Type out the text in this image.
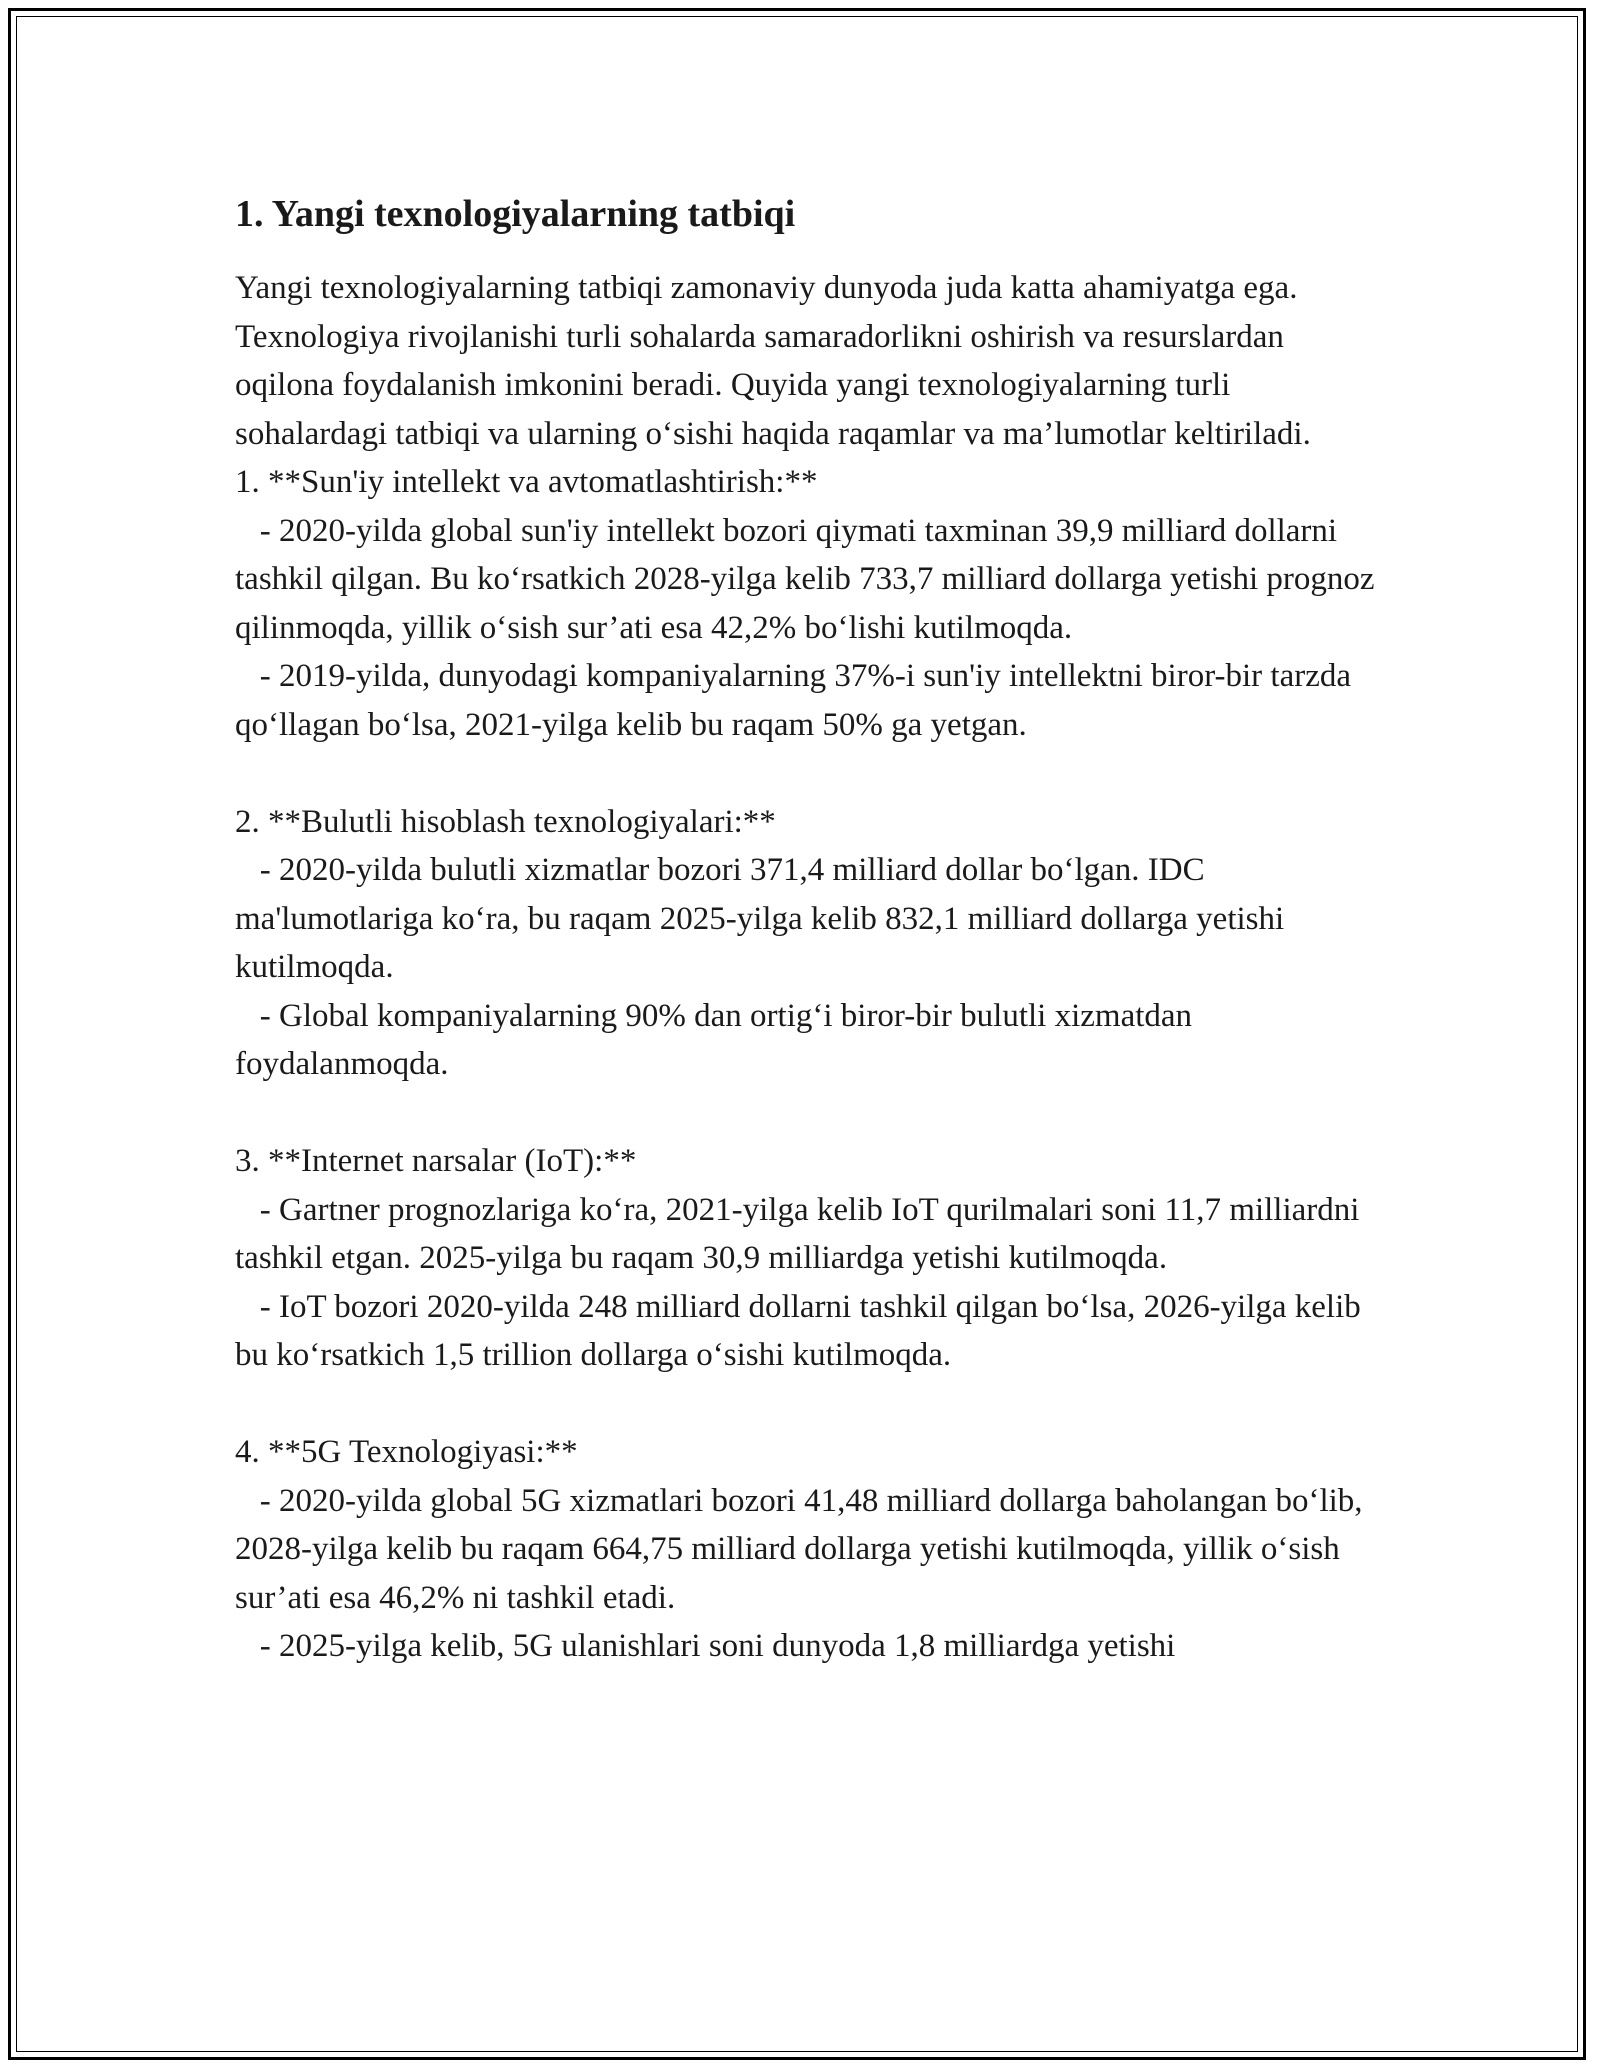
1. Yangi texnologiyalarning tatbiqi

Yangi texnologiyalarning tatbiqi zamonaviy dunyoda juda katta ahamiyatga ega. Texnologiya rivojlanishi turli sohalarda samaradorlikni oshirish va resurslardan oqilona foydalanish imkonini beradi. Quyida yangi texnologiyalarning turli sohalardagi tatbiqi va ularning o‘sishi haqida raqamlar va ma’lumotlar keltiriladi.

1. **Sun'iy intellekt va avtomatlashtirish:**

- 2020-yilda global sun'iy intellekt bozori qiymati taxminan 39,9 milliard dollarni tashkil qilgan. Bu ko‘rsatkich 2028-yilga kelib 733,7 milliard dollarga yetishi prognoz qilinmoqda, yillik o‘sish sur’ati esa 42,2% bo‘lishi kutilmoqda.

- 2019-yilda, dunyodagi kompaniyalarning 37%-i sun'iy intellektni biror-bir tarzda qo‘llagan bo‘lsa, 2021-yilga kelib bu raqam 50% ga yetgan.

2. **Bulutli hisoblash texnologiyalari:**

- 2020-yilda bulutli xizmatlar bozori 371,4 milliard dollar bo‘lgan. IDC ma'lumotlariga ko‘ra, bu raqam 2025-yilga kelib 832,1 milliard dollarga yetishi kutilmoqda.

- Global kompaniyalarning 90% dan ortig‘i biror-bir bulutli xizmatdan foydalanmoqda.

3. **Internet narsalar (IoT):**

- Gartner prognozlariga ko‘ra, 2021-yilga kelib IoT qurilmalari soni 11,7 milliardni tashkil etgan. 2025-yilga bu raqam 30,9 milliardga yetishi kutilmoqda.

- IoT bozori 2020-yilda 248 milliard dollarni tashkil qilgan bo‘lsa, 2026-yilga kelib bu ko‘rsatkich 1,5 trillion dollarga o‘sishi kutilmoqda.

4. **5G Texnologiyasi:**

- 2020-yilda global 5G xizmatlari bozori 41,48 milliard dollarga baholangan bo‘lib, 2028-yilga kelib bu raqam 664,75 milliard dollarga yetishi kutilmoqda, yillik o‘sish sur’ati esa 46,2% ni tashkil etadi.

- 2025-yilga kelib, 5G ulanishlari soni dunyoda 1,8 milliardga yetishi
